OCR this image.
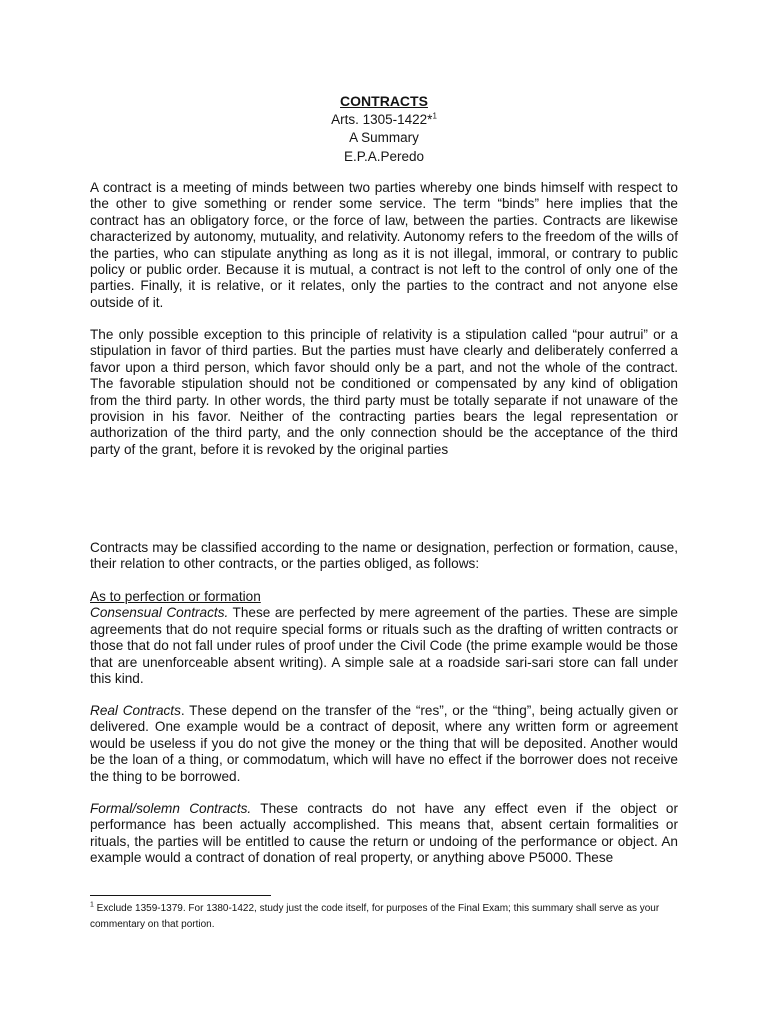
CONTRACTS
Arts. 1305-1422*$^1$
A Summary
E.P.A.Peredo

A contract is a meeting of minds between two parties whereby one binds himself with respect to the other to give something or render some service. The term “binds” here implies that the contract has an obligatory force, or the force of law, between the parties. Contracts are likewise characterized by autonomy, mutuality, and relativity. Autonomy refers to the freedom of the wills of the parties, who can stipulate anything as long as it is not illegal, immoral, or contrary to public policy or public order. Because it is mutual, a contract is not left to the control of only one of the parties. Finally, it is relative, or it relates, only the parties to the contract and not anyone else outside of it.

The only possible exception to this principle of relativity is a stipulation called “pour autrui” or a stipulation in favor of third parties. But the parties must have clearly and deliberately conferred a favor upon a third person, which favor should only be a part, and not the whole of the contract. The favorable stipulation should not be conditioned or compensated by any kind of obligation from the third party. In other words, the third party must be totally separate if not unaware of the provision in his favor. Neither of the contracting parties bears the legal representation or authorization of the third party, and the only connection should be the acceptance of the third party of the grant, before it is revoked by the original parties

Contracts may be classified according to the name or designation, perfection or formation, cause, their relation to other contracts, or the parties obliged, as follows:

As to perfection or formation

Consensual Contracts. These are perfected by mere agreement of the parties. These are simple agreements that do not require special forms or rituals such as the drafting of written contracts or those that do not fall under rules of proof under the Civil Code (the prime example would be those that are unenforceable absent writing). A simple sale at a roadside sari-sari store can fall under this kind.

Real Contracts. These depend on the transfer of the “res”, or the “thing”, being actually given or delivered. One example would be a contract of deposit, where any written form or agreement would be useless if you do not give the money or the thing that will be deposited. Another would be the loan of a thing, or commodatum, which will have no effect if the borrower does not receive the thing to be borrowed.

Formal/solemn Contracts. These contracts do not have any effect even if the object or performance has been actually accomplished. This means that, absent certain formalities or rituals, the parties will be entitled to cause the return or undoing of the performance or object. An example would a contract of donation of real property, or anything above P5000. These

$^1$ Exclude 1359-1379. For 1380-1422, study just the code itself, for purposes of the Final Exam; this summary shall serve as your commentary on that portion.
